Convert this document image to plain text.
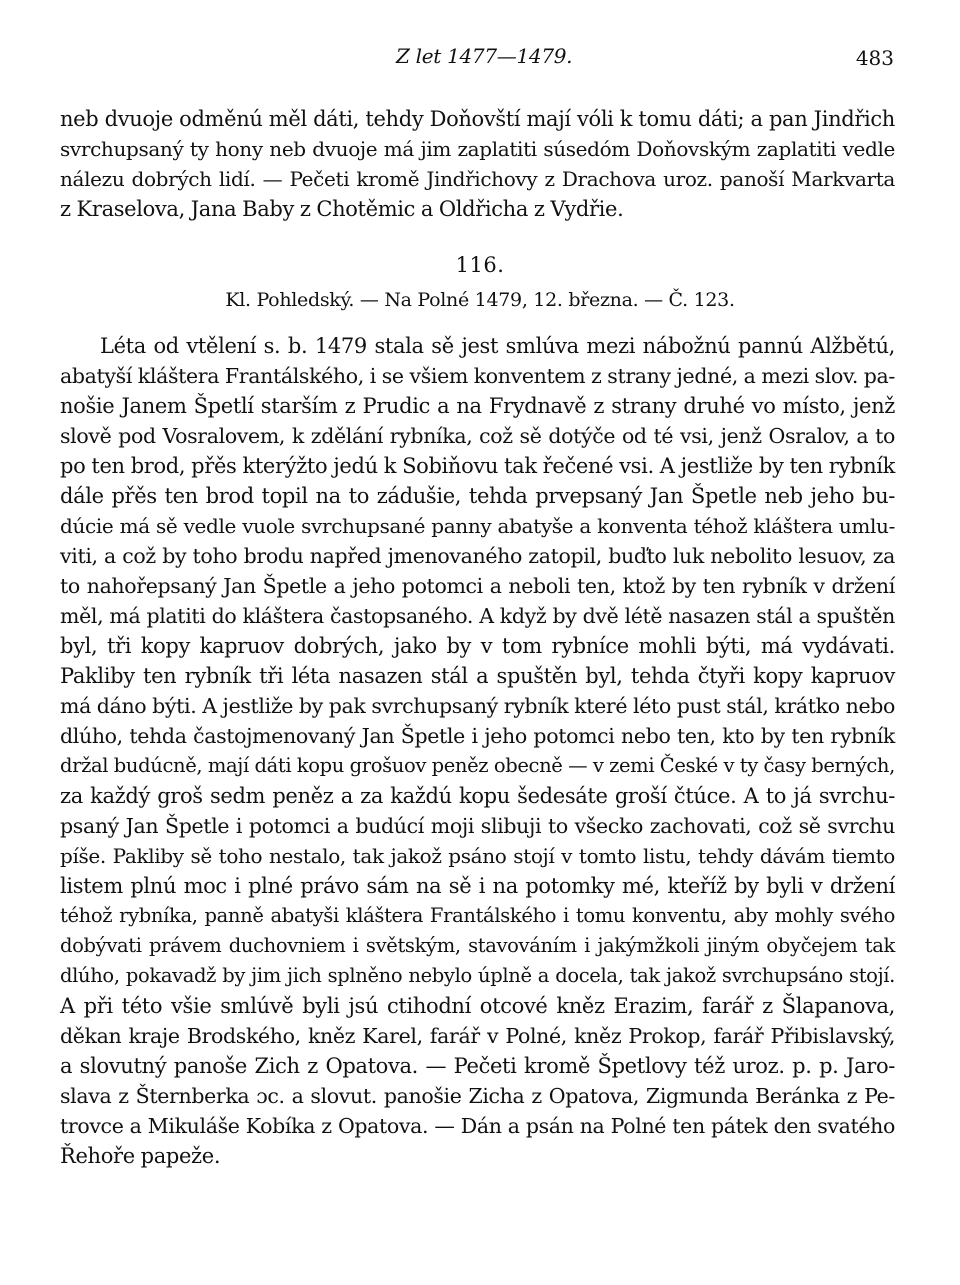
Z let 1477—1479.	483
neb dvuoje odměnú měl dáti, tehdy Doňovští mají vóli k tomu dáti; a pan Jindřich
svrchupsaný ty hony neb dvuoje má jim zaplatiti súsedóm Doňovským zaplatiti vedle
nálezu dobrých lidí. — Pečeti kromě Jindřichovy z Drachova uroz. panoší Markvarta
z Kraselova, Jana Baby z Chotěmic a Oldřicha z Vydřie.
116.
Kl. Pohledský. — Na Polné 1479, 12. března. — Č. 123.
Léta od vtělení s. b. 1479 stala sě jest smlúva mezi nábožnú pannú Alžbětú,
abatyší kláštera Frantálského, i se všiem konventem z strany jedné, a mezi slov. pa-
nošie Janem Špetlí starším z Prudic a na Frydnavě z strany druhé vo místo, jenž
slově pod Vosralovem, k zdělání rybníka, což sě dotýče od té vsi, jenž Osralov, a to
po ten brod, přěs kterýžto jedú k Sobiňovu tak řečené vsi. A jestliže by ten rybník
dále přěs ten brod topil na to zádušie, tehda prvepsaný Jan Špetle neb jeho bu-
dúcie má sě vedle vuole svrchupsané panny abatyše a konventa téhož kláštera umlu-
viti, a což by toho brodu napřed jmenovaného zatopil, buďto luk nebolito lesuov, za
to nahořepsaný Jan Špetle a jeho potomci a neboli ten, ktož by ten rybník v držení
měl, má platiti do kláštera častopsaného. A když by dvě létě nasazen stál a spuštěn
byl, tři kopy kapruov dobrých, jako by v tom rybníce mohli býti, má vydávati.
Pakliby ten rybník tři léta nasazen stál a spuštěn byl, tehda čtyři kopy kapruov
má dáno býti. A jestliže by pak svrchupsaný rybník které léto pust stál, krátko nebo
dlúho, tehda častojmenovaný Jan Špetle i jeho potomci nebo ten, kto by ten rybník
držal budúcně, mají dáti kopu grošuov peněz obecně — v zemi České v ty časy berných,
za každý groš sedm peněz a za každú kopu šedesáte groší čtúce. A to já svrchu-
psaný Jan Špetle i potomci a budúcí moji slibuji to všecko zachovati, což sě svrchu
píše. Pakliby sě toho nestalo, tak jakož psáno stojí v tomto listu, tehdy dávám tiemto
listem plnú moc i plné právo sám na sě i na potomky mé, kteříž by byli v držení
téhož rybníka, panně abatyši kláštera Frantálského i tomu konventu, aby mohly svého
dobývati právem duchovniem i světským, stavováním i jakýmžkoli jiným obyčejem tak
dlúho, pokavadž by jim jich splněno nebylo úplně a docela, tak jakož svrchupsáno stojí.
A při této všie smlúvě byli jsú ctihodní otcové kněz Erazim, farář z Šlapanova,
děkan kraje Brodského, kněz Karel, farář v Polné, kněz Prokop, farář Přibislavský,
a slovutný panoše Zich z Opatova. — Pečeti kromě Špetlovy též uroz. p. p. Jaro-
slava z Šternberka ɔc. a slovut. panošie Zicha z Opatova, Zigmunda Beránka z Pe-
trovce a Mikuláše Kobíka z Opatova. — Dán a psán na Polné ten pátek den svatého
Řehoře papeže.
